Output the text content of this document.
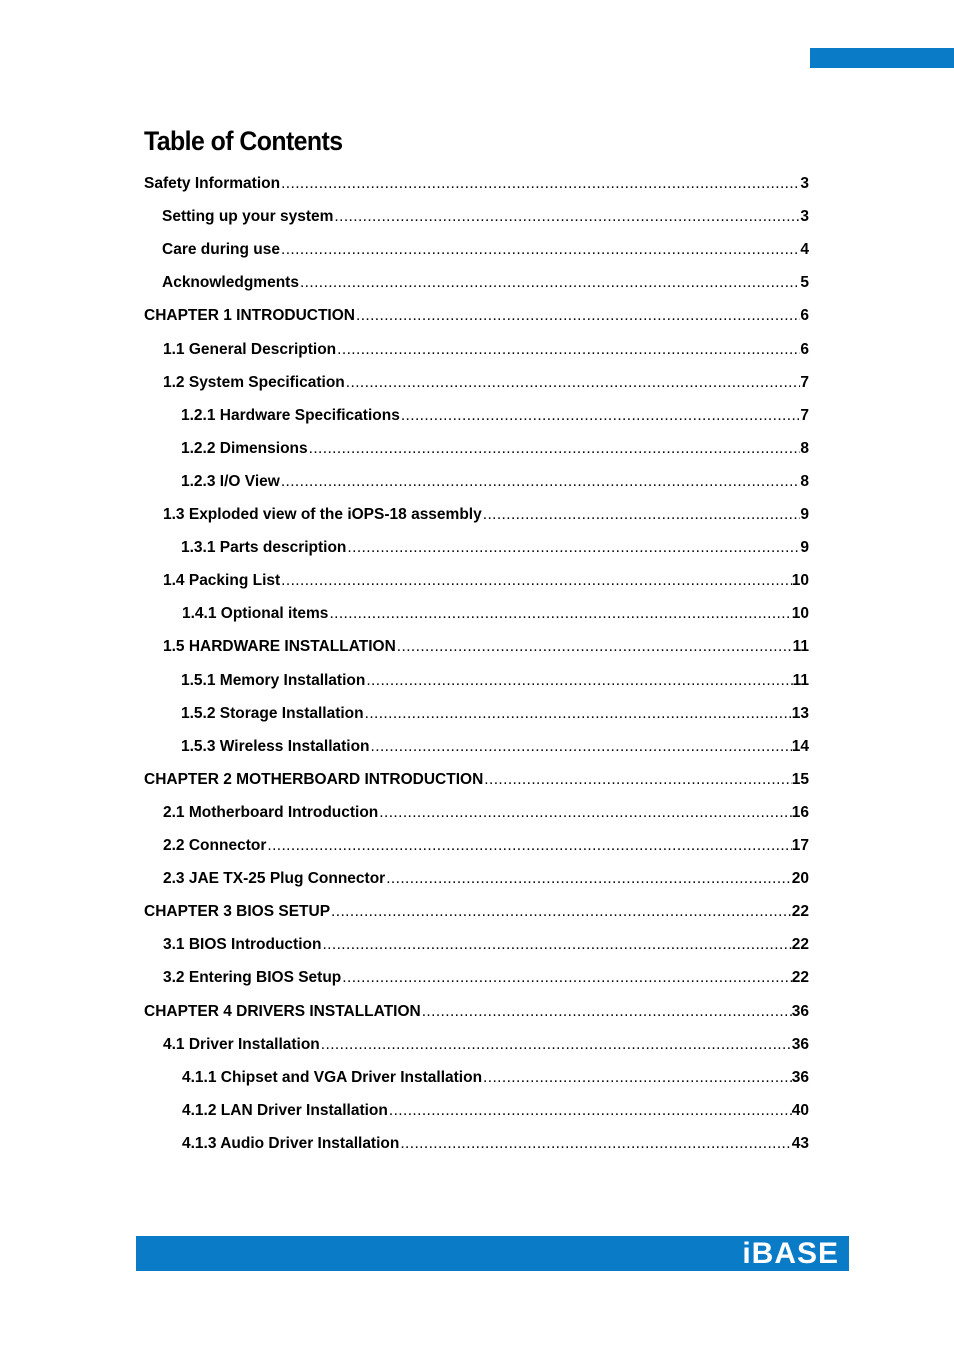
Table of Contents
Safety Information .....	3
Setting up your system .....	3
Care during use .....	4
Acknowledgments .....	5
CHAPTER 1 INTRODUCTION .....	6
1.1 General Description .....	6
1.2 System Specification .....	7
1.2.1 Hardware Specifications .....	7
1.2.2 Dimensions .....	8
1.2.3 I/O View .....	8
1.3 Exploded view of the iOPS-18 assembly .....	9
1.3.1 Parts description .....	9
1.4 Packing List .....	10
1.4.1 Optional items .....	10
1.5 HARDWARE INSTALLATION .....	11
1.5.1 Memory Installation .....	11
1.5.2 Storage Installation .....	13
1.5.3 Wireless Installation .....	14
CHAPTER 2 MOTHERBOARD INTRODUCTION .....	15
2.1 Motherboard Introduction .....	16
2.2 Connector .....	17
2.3 JAE TX-25 Plug Connector .....	20
CHAPTER 3 BIOS SETUP .....	22
3.1 BIOS Introduction .....	22
3.2 Entering BIOS Setup .....	22
CHAPTER 4 DRIVERS INSTALLATION .....	36
4.1 Driver Installation .....	36
4.1.1 Chipset and VGA Driver Installation .....	36
4.1.2 LAN Driver Installation .....	40
4.1.3 Audio Driver Installation .....	43
iBASE
